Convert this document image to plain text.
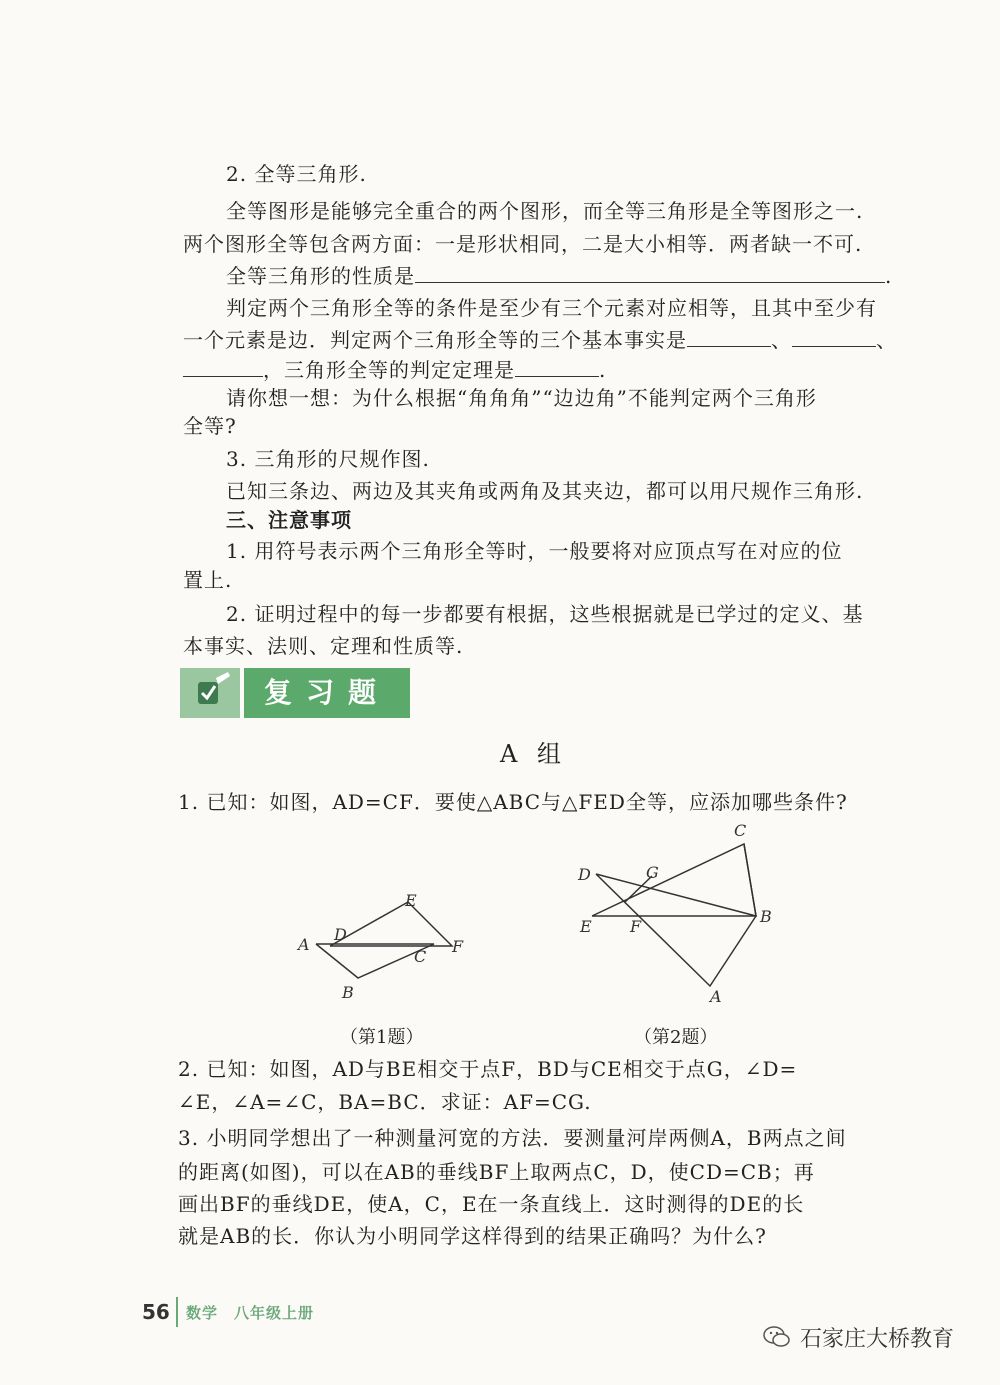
2. 全等三角形.
全等图形是能够完全重合的两个图形，而全等三角形是全等图形之一.
两个图形全等包含两方面：一是形状相同，二是大小相等．两者缺一不可.
全等三角形的性质是	.
判定两个三角形全等的条件是至少有三个元素对应相等，且其中至少有
一个元素是边．判定两个三角形全等的三个基本事实是	、	、
，三角形全等的判定定理是	.
请你想一想：为什么根据“角角角”“边边角”不能判定两个三角形
全等?
3. 三角形的尺规作图.
已知三条边、两边及其夹角或两角及其夹边，都可以用尺规作三角形.
三、注意事项
1. 用符号表示两个三角形全等时，一般要将对应顶点写在对应的位
置上.
2. 证明过程中的每一步都要有根据，这些根据就是已学过的定义、基
本事实、法则、定理和性质等.
复习题
A 组
1. 已知：如图，AD=CF．要使△ABC与△FED全等，应添加哪些条件?
A
D
E
C
F
B
（第1题）
C
D	G
E F
B
A
（第2题）
2. 已知：如图，AD与BE相交于点F，BD与CE相交于点G，∠D=
∠E，∠A=∠C，BA=BC．求证：AF=CG.
3. 小明同学想出了一种测量河宽的方法．要测量河岸两侧A，B两点之间
的距离(如图)，可以在AB的垂线BF上取两点C，D，使CD=CB；再
画出BF的垂线DE，使A，C，E在一条直线上．这时测得的DE的长
就是AB的长．你认为小明同学这样得到的结果正确吗？为什么?
56 数学　八年级上册
石家庄大桥教育
